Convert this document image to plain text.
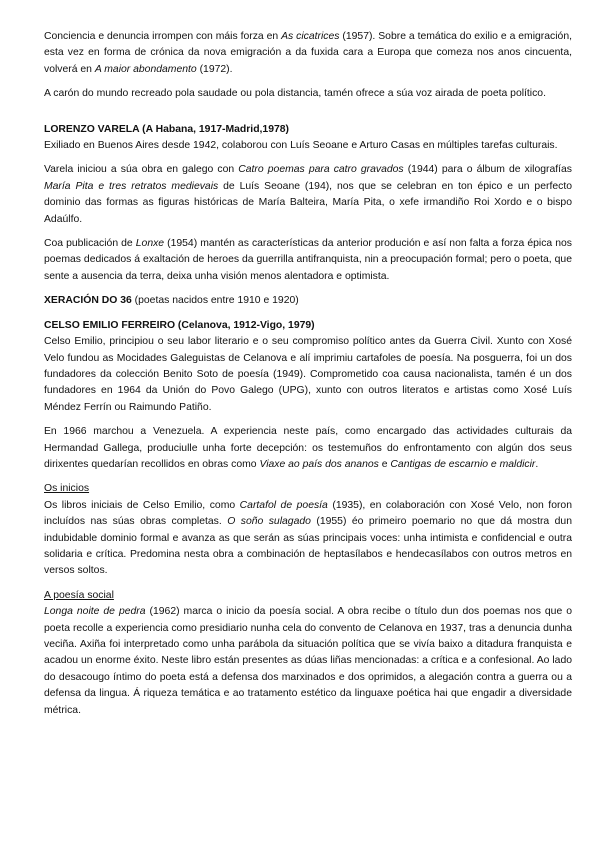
Conciencia e denuncia irrompen con máis forza en As cicatrices (1957). Sobre a temática do exilio e a emigración, esta vez en forma de crónica da nova emigración a da fuxida cara a Europa que comeza nos anos cincuenta, volverá en A maior abondamento (1972).

A carón do mundo recreado pola saudade ou pola distancia, tamén ofrece a súa voz airada de poeta político.

LORENZO VARELA (A Habana, 1917-Madrid,1978)

Exiliado en Buenos Aires desde 1942, colaborou con Luís Seoane e Arturo Casas en múltiples tarefas culturais.

Varela iniciou a súa obra en galego con Catro poemas para catro gravados (1944) para o álbum de xilografías María Pita e tres retratos medievais de Luís Seoane (194), nos que se celebran en ton épico e un perfecto dominio das formas as figuras históricas de María Balteira, María Pita, o xefe irmandiño Roi Xordo e o bispo Adaúlfo.

Coa publicación de Lonxe (1954) mantén as características da anterior produción e así non falta a forza épica nos poemas dedicados á exaltación de heroes da guerrilla antifranquista, nin a preocupación formal; pero o poeta, que sente a ausencia da terra, deixa unha visión menos alentadora e optimista.

XERACIÓN DO 36 (poetas nacidos entre 1910 e 1920)

CELSO EMILIO FERREIRO (Celanova, 1912-Vigo, 1979)

Celso Emilio, principiou o seu labor literario e o seu compromiso político antes da Guerra Civil. Xunto con Xosé Velo fundou as Mocidades Galeguistas de Celanova e alí imprimiu cartafoles de poesía. Na posguerra, foi un dos fundadores da colección Benito Soto de poesía (1949). Comprometido coa causa nacionalista, tamén é un dos fundadores en 1964 da Unión do Povo Galego (UPG), xunto con outros literatos e artistas como Xosé Luís Méndez Ferrín ou Raimundo Patiño.

En 1966 marchou a Venezuela. A experiencia neste país, como encargado das actividades culturais da Hermandad Gallega, produciulle unha forte decepción: os testemuños do enfrontamento con algún dos seus dirixentes quedarían recollidos en obras como Viaxe ao país dos ananos e Cantigas de escarnio e maldicir.

Os inicios

Os libros iniciais de Celso Emilio, como Cartafol de poesía (1935), en colaboración con Xosé Velo, non foron incluídos nas súas obras completas. O soño sulagado (1955) éo primeiro poemario no que dá mostra dun indubidable dominio formal e avanza as que serán as súas principais voces: unha intimista e confidencial e outra solidaria e crítica. Predomina nesta obra a combinación de heptasílabos e hendecasílabos con outros metros en versos soltos.

A poesía social

Longa noite de pedra (1962) marca o inicio da poesía social. A obra recibe o título dun dos poemas nos que o poeta recolle a experiencia como presidiario nunha cela do convento de Celanova en 1937, tras a denuncia dunha veciña. Axiña foi interpretado como unha parábola da situación política que se vivía baixo a ditadura franquista e acadou un enorme éxito. Neste libro están presentes as dúas liñas mencionadas: a crítica e a confesional. Ao lado do desacougo íntimo do poeta está a defensa dos marxinados e dos oprimidos, a alegación contra a guerra ou a defensa da lingua. Á riqueza temática e ao tratamento estético da linguaxe poética hai que engadir a diversidade métrica.
